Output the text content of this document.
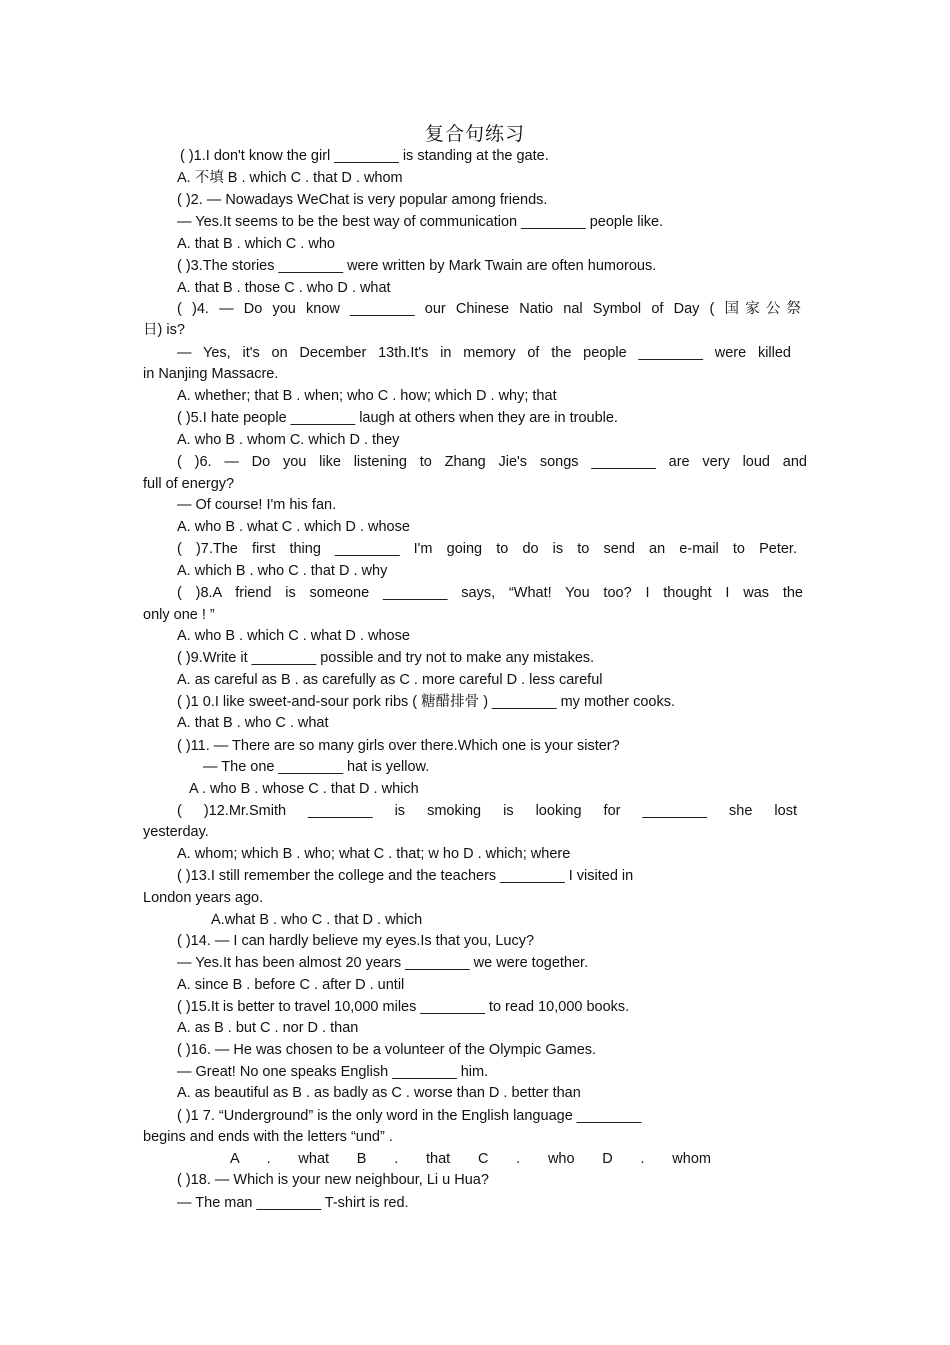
复合句练习
( )1.I don't know the girl ________ is standing at the gate.
A. 不填 B . which C . that D . whom
( )2. — Nowadays WeChat is very popular among friends.
— Yes.It seems to be the best way of communication ________ people like.
A. that B . which C . who
( )3.The stories ________ were written by Mark Twain are often humorous.
A. that B . those C . who D . what
( )4. — Do you know ________ our Chinese Natio nal Symbol of Day ( 国家公祭
日) is?
— Yes, it's on December 13th.It's in memory of the people ________ were killed
in Nanjing Massacre.
A. whether; that B . when; who C . how; which D . why; that
( )5.I hate people ________ laugh at others when they are in trouble.
A. who B . whom C. which D . they
( )6. — Do you like listening to Zhang Jie's songs ________ are very loud and
full of energy?
— Of course! I'm his fan.
A. who B . what C . which D . whose
( )7.The first thing ________ I'm going to do is to send an e-mail to Peter.
A. which B . who C . that D . why
( )8.A friend is someone ________ says, “What! You too? I thought I was the
only one ! ”
A. who B . which C . what D . whose
( )9.Write it ________ possible and try not to make any mistakes.
A. as careful as B . as carefully as C . more careful D . less careful
( )1 0.I like sweet-and-sour pork ribs ( 糖醋排骨 ) ________ my mother cooks.
A. that B . who C . what
( )11. — There are so many girls over there.Which one is your sister?
— The one ________ hat is yellow.
A . who B . whose C . that D . which
( )12.Mr.Smith ________ is smoking is looking for ________ she lost
yesterday.
A. whom; which B . who; what C . that; w ho D . which; where
( )13.I still remember the college and the teachers ________ I visited in
London years ago.
A.what B . who C . that D . which
( )14. — I can hardly believe my eyes.Is that you, Lucy?
— Yes.It has been almost 20 years ________ we were together.
A. since B . before C . after D . until
( )15.It is better to travel 10,000 miles ________ to read 10,000 books.
A. as B . but C . nor D . than
( )16. — He was chosen to be a volunteer of the Olympic Games.
— Great! No one speaks English ________ him.
A. as beautiful as B . as badly as C . worse than D . better than
( )1 7. “Underground” is the only word in the English language ________
begins and ends with the letters “und” .
A . what B . that C . who D . whom
( )18. — Which is your new neighbour, Li u Hua?
— The man ________ T-shirt is red.
